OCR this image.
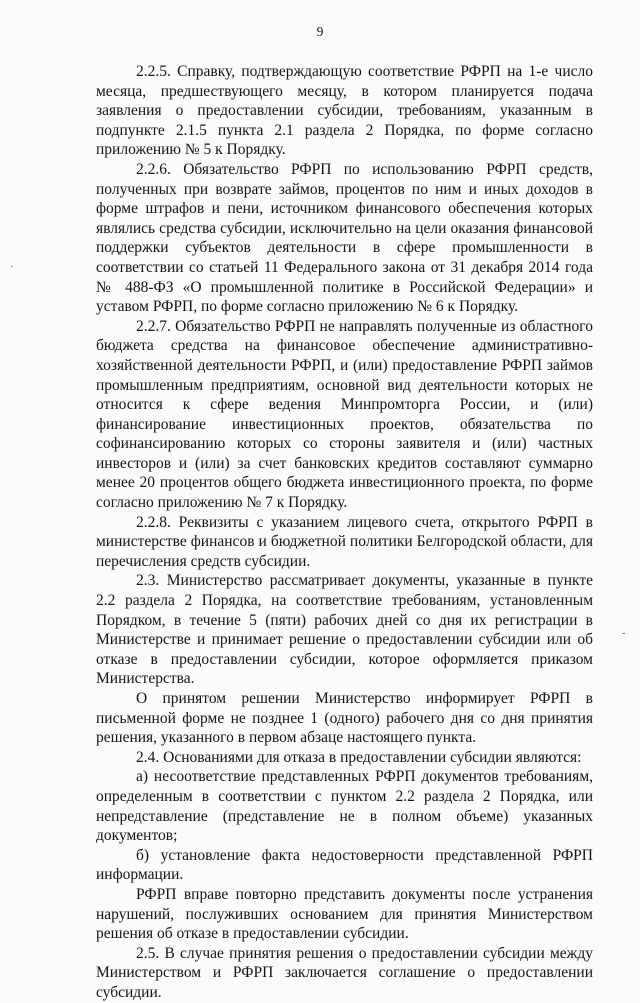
9

2.2.5. Справку, подтверждающую соответствие РФРП на 1-е число месяца, предшествующего месяцу, в котором планируется подача заявления о предоставлении субсидии, требованиям, указанным в подпункте 2.1.5 пункта 2.1 раздела 2 Порядка, по форме согласно приложению № 5 к Порядку.

2.2.6. Обязательство РФРП по использованию РФРП средств, полученных при возврате займов, процентов по ним и иных доходов в форме штрафов и пени, источником финансового обеспечения которых являлись средства субсидии, исключительно на цели оказания финансовой поддержки субъектов деятельности в сфере промышленности в соответствии со статьей 11 Федерального закона от 31 декабря 2014 года № 488-ФЗ «О промышленной политике в Российской Федерации» и уставом РФРП, по форме согласно приложению № 6 к Порядку.

2.2.7. Обязательство РФРП не направлять полученные из областного бюджета средства на финансовое обеспечение административно-хозяйственной деятельности РФРП, и (или) предоставление РФРП займов промышленным предприятиям, основной вид деятельности которых не относится к сфере ведения Минпромторга России, и (или) финансирование инвестиционных проектов, обязательства по софинансированию которых со стороны заявителя и (или) частных инвесторов и (или) за счет банковских кредитов составляют суммарно менее 20 процентов общего бюджета инвестиционного проекта, по форме согласно приложению № 7 к Порядку.

2.2.8. Реквизиты с указанием лицевого счета, открытого РФРП в министерстве финансов и бюджетной политики Белгородской области, для перечисления средств субсидии.

2.3. Министерство рассматривает документы, указанные в пункте 2.2 раздела 2 Порядка, на соответствие требованиям, установленным Порядком, в течение 5 (пяти) рабочих дней со дня их регистрации в Министерстве и принимает решение о предоставлении субсидии или об отказе в предоставлении субсидии, которое оформляется приказом Министерства.

О принятом решении Министерство информирует РФРП в письменной форме не позднее 1 (одного) рабочего дня со дня принятия решения, указанного в первом абзаце настоящего пункта.

2.4. Основаниями для отказа в предоставлении субсидии являются:

а) несоответствие представленных РФРП документов требованиям, определенным в соответствии с пунктом 2.2 раздела 2 Порядка, или непредставление (представление не в полном объеме) указанных документов;

б) установление факта недостоверности представленной РФРП информации.

РФРП вправе повторно представить документы после устранения нарушений, послуживших основанием для принятия Министерством решения об отказе в предоставлении субсидии.

2.5. В случае принятия решения о предоставлении субсидии между Министерством и РФРП заключается соглашение о предоставлении субсидии.

·
-
